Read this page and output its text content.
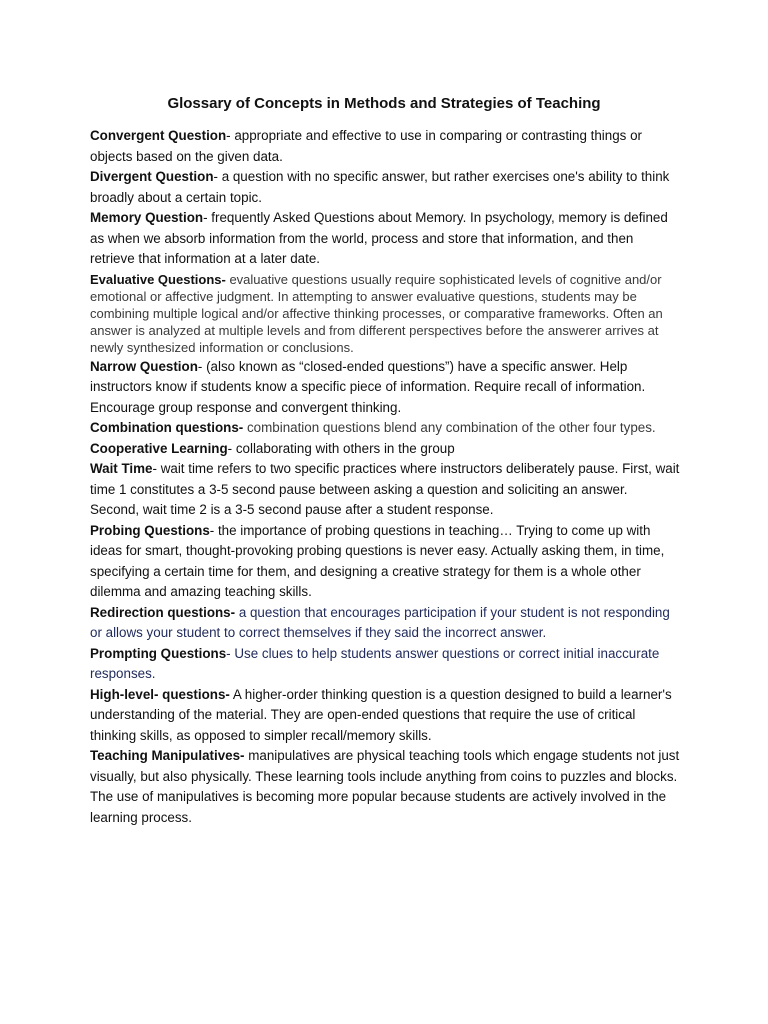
Glossary of Concepts in Methods and Strategies of Teaching

Convergent Question- appropriate and effective to use in comparing or contrasting things or objects based on the given data.

Divergent Question- a question with no specific answer, but rather exercises one's ability to think broadly about a certain topic.

Memory Question- frequently Asked Questions about Memory. In psychology, memory is defined as when we absorb information from the world, process and store that information, and then retrieve that information at a later date.

Evaluative Questions- evaluative questions usually require sophisticated levels of cognitive and/or emotional or affective judgment. In attempting to answer evaluative questions, students may be combining multiple logical and/or affective thinking processes, or comparative frameworks. Often an answer is analyzed at multiple levels and from different perspectives before the answerer arrives at newly synthesized information or conclusions.

Narrow Question- (also known as “closed-ended questions”) have a specific answer. Help instructors know if students know a specific piece of information. Require recall of information. Encourage group response and convergent thinking.

Combination questions- combination questions blend any combination of the other four types.

Cooperative Learning- collaborating with others in the group

Wait Time- wait time refers to two specific practices where instructors deliberately pause. First, wait time 1 constitutes a 3-5 second pause between asking a question and soliciting an answer. Second, wait time 2 is a 3-5 second pause after a student response.

Probing Questions- the importance of probing questions in teaching… Trying to come up with ideas for smart, thought-provoking probing questions is never easy. Actually asking them, in time, specifying a certain time for them, and designing a creative strategy for them is a whole other dilemma and amazing teaching skills.

Redirection questions- a question that encourages participation if your student is not responding or allows your student to correct themselves if they said the incorrect answer.

Prompting Questions- Use clues to help students answer questions or correct initial inaccurate responses.

High-level- questions- A higher-order thinking question is a question designed to build a learner's understanding of the material. They are open-ended questions that require the use of critical thinking skills, as opposed to simpler recall/memory skills.

Teaching Manipulatives- manipulatives are physical teaching tools which engage students not just visually, but also physically. These learning tools include anything from coins to puzzles and blocks. The use of manipulatives is becoming more popular because students are actively involved in the learning process.
